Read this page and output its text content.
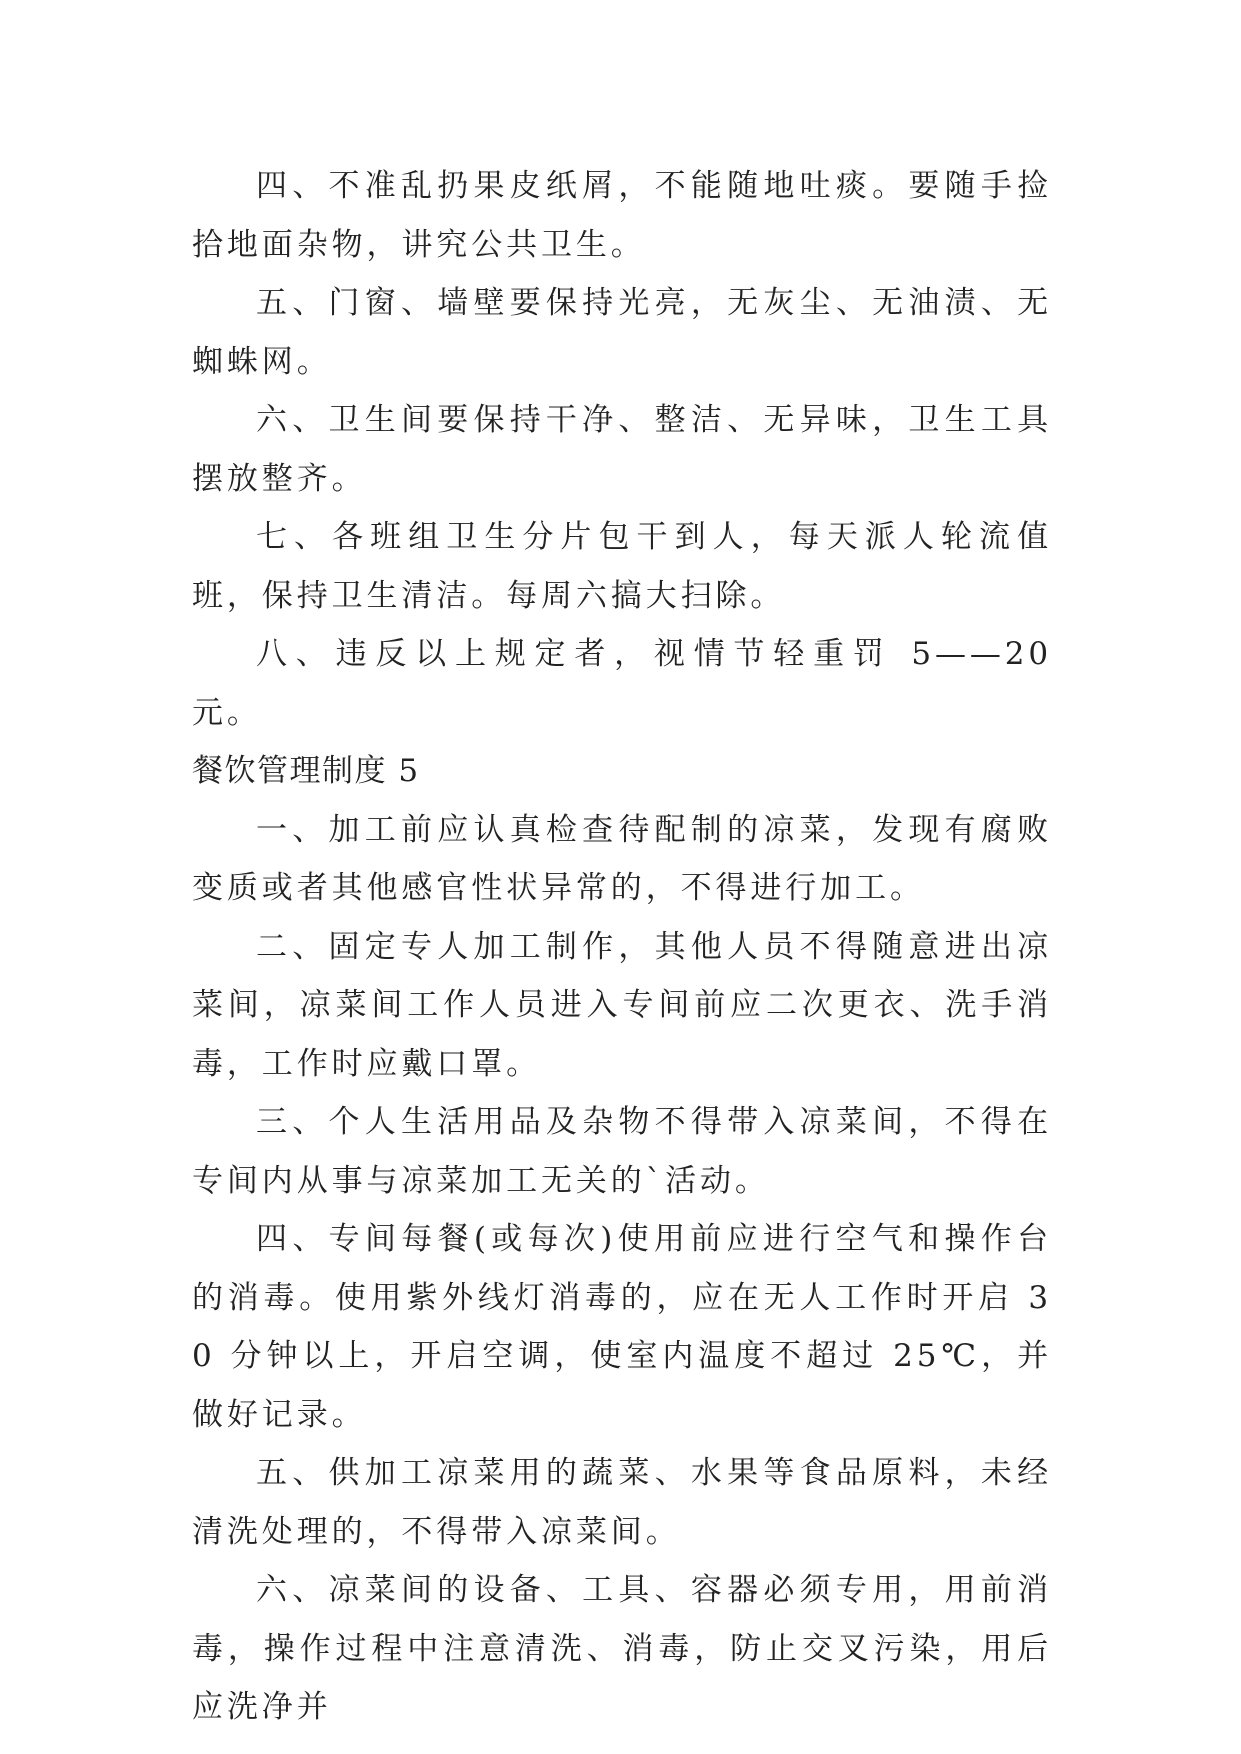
四、不准乱扔果皮纸屑，不能随地吐痰。要随手捡拾地面杂物，讲究公共卫生。

五、门窗、墙壁要保持光亮，无灰尘、无油渍、无蜘蛛网。

六、卫生间要保持干净、整洁、无异味，卫生工具摆放整齐。

七、各班组卫生分片包干到人，每天派人轮流值班，保持卫生清洁。每周六搞大扫除。

八、违反以上规定者，视情节轻重罚 5——20 元。

餐饮管理制度 5

一、加工前应认真检查待配制的凉菜，发现有腐败变质或者其他感官性状异常的，不得进行加工。

二、固定专人加工制作，其他人员不得随意进出凉菜间，凉菜间工作人员进入专间前应二次更衣、洗手消毒，工作时应戴口罩。

三、个人生活用品及杂物不得带入凉菜间，不得在专间内从事与凉菜加工无关的`活动。

四、专间每餐(或每次)使用前应进行空气和操作台的消毒。使用紫外线灯消毒的，应在无人工作时开启 30 分钟以上，开启空调，使室内温度不超过 25℃，并做好记录。

五、供加工凉菜用的蔬菜、水果等食品原料，未经清洗处理的，不得带入凉菜间。

六、凉菜间的设备、工具、容器必须专用，用前消毒，操作过程中注意清洗、消毒，防止交叉污染，用后应洗净并
